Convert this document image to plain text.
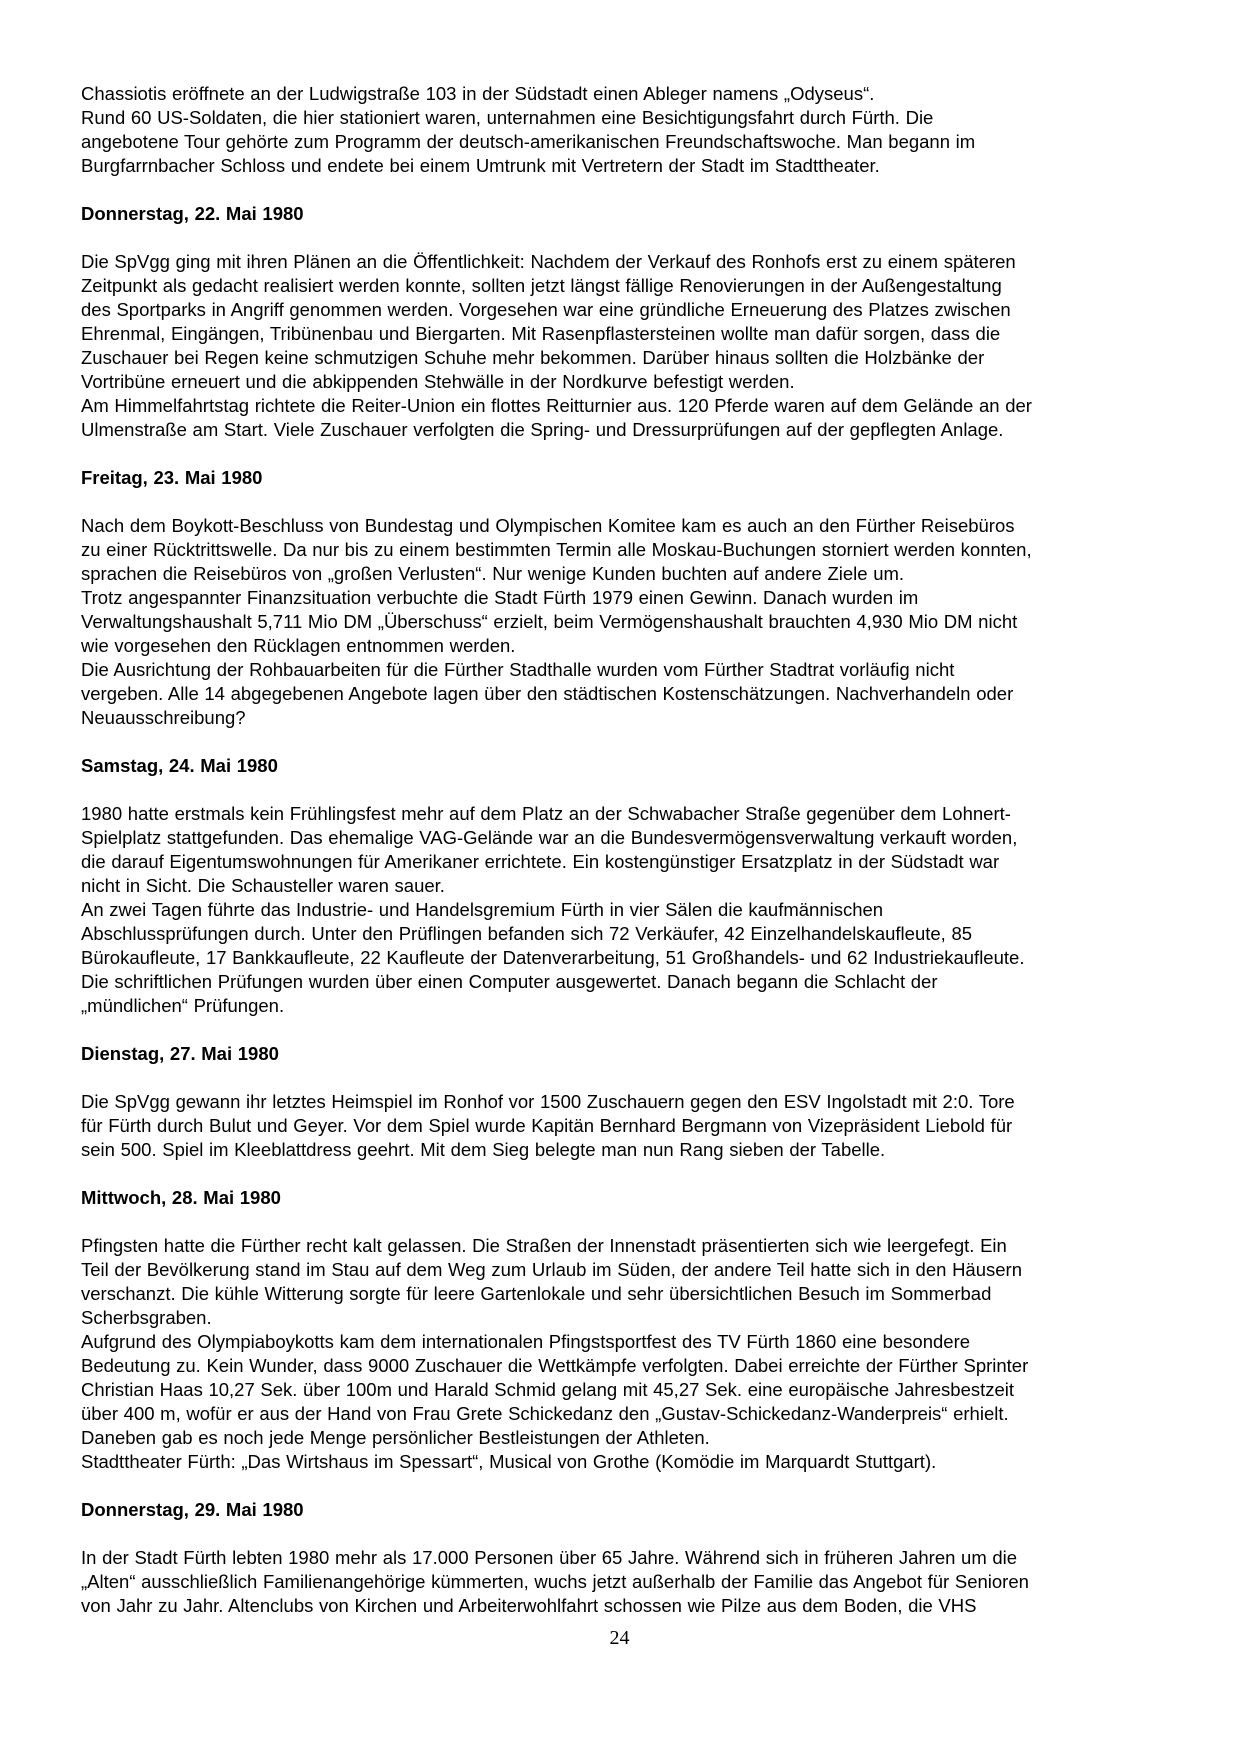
Chassiotis eröffnete an der Ludwigstraße 103 in der Südstadt einen Ableger namens „Odyseus“.
Rund 60 US-Soldaten, die hier stationiert waren, unternahmen eine Besichtigungsfahrt durch Fürth. Die
angebotene Tour gehörte zum Programm der deutsch-amerikanischen Freundschaftswoche. Man begann im
Burgfarrnbacher Schloss und endete bei einem Umtrunk mit Vertretern der Stadt im Stadttheater.
Donnerstag, 22. Mai 1980
Die SpVgg ging mit ihren Plänen an die Öffentlichkeit: Nachdem der Verkauf des Ronhofs erst zu einem späteren
Zeitpunkt als gedacht realisiert werden konnte, sollten jetzt längst fällige Renovierungen in der Außengestaltung
des Sportparks in Angriff genommen werden. Vorgesehen war eine gründliche Erneuerung des Platzes zwischen
Ehrenmal, Eingängen, Tribünenbau und Biergarten. Mit Rasenpflastersteinen wollte man dafür sorgen, dass die
Zuschauer bei Regen keine schmutzigen Schuhe mehr bekommen. Darüber hinaus sollten die Holzbänke der
Vortribüne erneuert und die abkippenden Stehwälle in der Nordkurve befestigt werden.
Am Himmelfahrtstag richtete die Reiter-Union ein flottes Reitturnier aus. 120 Pferde waren auf dem Gelände an der
Ulmenstraße am Start. Viele Zuschauer verfolgten die Spring- und Dressurprüfungen auf der gepflegten Anlage.
Freitag, 23. Mai 1980
Nach dem Boykott-Beschluss von Bundestag und Olympischen Komitee kam es auch an den Fürther Reisebüros
zu einer Rücktrittswelle. Da nur bis zu einem bestimmten Termin alle Moskau-Buchungen storniert werden konnten,
sprachen die Reisebüros von „großen Verlusten“. Nur wenige Kunden buchten auf andere Ziele um.
Trotz angespannter Finanzsituation verbuchte die Stadt Fürth 1979 einen Gewinn. Danach wurden im
Verwaltungshaushalt 5,711 Mio DM „Überschuss“ erzielt, beim Vermögenshaushalt brauchten 4,930 Mio DM nicht
wie vorgesehen den Rücklagen entnommen werden.
Die Ausrichtung der Rohbauarbeiten für die Fürther Stadthalle wurden vom Fürther Stadtrat vorläufig nicht
vergeben. Alle 14 abgegebenen Angebote lagen über den städtischen Kostenschätzungen. Nachverhandeln oder
Neuausschreibung?
Samstag, 24. Mai 1980
1980 hatte erstmals kein Frühlingsfest mehr auf dem Platz an der Schwabacher Straße gegenüber dem Lohnert-
Spielplatz stattgefunden. Das ehemalige VAG-Gelände war an die Bundesvermögensverwaltung verkauft worden,
die darauf Eigentumswohnungen für Amerikaner errichtete. Ein kostengünstiger Ersatzplatz in der Südstadt war
nicht in Sicht. Die Schausteller waren sauer.
An zwei Tagen führte das Industrie- und Handelsgremium Fürth in vier Sälen die kaufmännischen
Abschlussprüfungen durch. Unter den Prüflingen befanden sich 72 Verkäufer, 42 Einzelhandelskaufleute, 85
Bürokaufleute, 17 Bankkaufleute, 22 Kaufleute der Datenverarbeitung, 51 Großhandels- und 62 Industriekaufleute.
Die schriftlichen Prüfungen wurden über einen Computer ausgewertet. Danach begann die Schlacht der
„mündlichen“ Prüfungen.
Dienstag, 27. Mai 1980
Die SpVgg gewann ihr letztes Heimspiel im Ronhof vor 1500 Zuschauern gegen den ESV Ingolstadt mit 2:0. Tore
für Fürth durch Bulut und Geyer. Vor dem Spiel wurde Kapitän Bernhard Bergmann von Vizepräsident Liebold für
sein 500. Spiel im Kleeblattdress geehrt. Mit dem Sieg belegte man nun Rang sieben der Tabelle.
Mittwoch, 28. Mai 1980
Pfingsten hatte die Fürther recht kalt gelassen. Die Straßen der Innenstadt präsentierten sich wie leergefegt. Ein
Teil der Bevölkerung stand im Stau auf dem Weg zum Urlaub im Süden, der andere Teil hatte sich in den Häusern
verschanzt. Die kühle Witterung sorgte für leere Gartenlokale und sehr übersichtlichen Besuch im Sommerbad
Scherbsgraben.
Aufgrund des Olympiaboykotts kam dem internationalen Pfingstsportfest des TV Fürth 1860 eine besondere
Bedeutung zu. Kein Wunder, dass 9000 Zuschauer die Wettkämpfe verfolgten. Dabei erreichte der Fürther Sprinter
Christian Haas 10,27 Sek. über 100m und Harald Schmid gelang mit 45,27 Sek. eine europäische Jahresbestzeit
über 400 m, wofür er aus der Hand von Frau Grete Schickedanz den „Gustav-Schickedanz-Wanderpreis“ erhielt.
Daneben gab es noch jede Menge persönlicher Bestleistungen der Athleten.
Stadttheater Fürth: „Das Wirtshaus im Spessart“, Musical von Grothe (Komödie im Marquardt Stuttgart).
Donnerstag, 29. Mai 1980
In der Stadt Fürth lebten 1980 mehr als 17.000 Personen über 65 Jahre. Während sich in früheren Jahren um die
„Alten“ ausschließlich Familienangehörige kümmerten, wuchs jetzt außerhalb der Familie das Angebot für Senioren
von Jahr zu Jahr. Altenclubs von Kirchen und Arbeiterwohlfahrt schossen wie Pilze aus dem Boden, die VHS
24
